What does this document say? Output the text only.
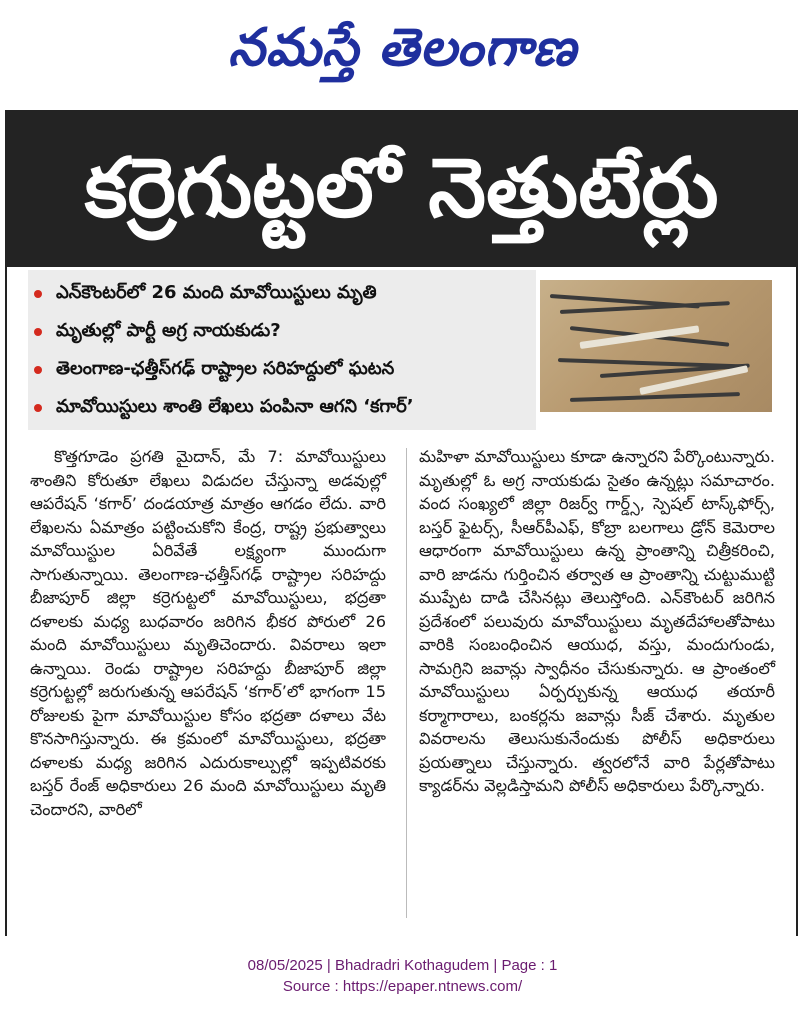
నమస్తే తెలంగాణ
కర్రెగుట్టలో నెత్తుటేర్లు
ఎన్‌కౌంటర్‌లో 26 మంది మావోయిస్టులు మృతి
మృతుల్లో పార్టీ అగ్ర నాయకుడు?
తెలంగాణ-ఛత్తీస్‌గఢ్ రాష్ట్రాల సరిహద్దులో ఘటన
మావోయిస్టులు శాంతి లేఖలు పంపినా ఆగని ‘కగార్’

కొత్తగూడెం ప్రగతి మైదాన్, మే 7: మావోయిస్టులు శాంతిని కోరుతూ లేఖలు విడుదల చేస్తున్నా అడవుల్లో ఆపరేషన్ ‘కగార్’ దండయాత్ర మాత్రం ఆగడం లేదు. వారి లేఖలను ఏమాత్రం పట్టించుకోని కేంద్ర, రాష్ట్ర ప్రభుత్వాలు మావోయిస్టుల ఏరివేతే లక్ష్యంగా ముందుగా సాగుతున్నాయి. తెలంగాణ-ఛత్తీస్‌గఢ్ రాష్ట్రాల సరిహద్దు బీజాపూర్ జిల్లా కర్రెగుట్టలో మావోయిస్టులు, భద్రతా దళాలకు మధ్య బుధవారం జరిగిన భీకర పోరులో 26 మంది మావోయిస్టులు మృతిచెందారు. వివరాలు ఇలా ఉన్నాయి. రెండు రాష్ట్రాల సరిహద్దు బీజాపూర్ జిల్లా కర్రెగుట్టల్లో జరుగుతున్న ఆపరేషన్ ‘కగార్’లో భాగంగా 15 రోజులకు పైగా మావోయిస్టుల కోసం భద్రతా దళాలు వేట కొనసాగిస్తున్నారు. ఈ క్రమంలో మావోయిస్టులు, భద్రతా దళాలకు మధ్య జరిగిన ఎదురుకాల్పుల్లో ఇప్పటివరకు బస్తర్ రేంజ్ అధికారులు 26 మంది మావోయిస్టులు మృతి చెందారని, వారిలో

మహిళా మావోయిస్టులు కూడా ఉన్నారని పేర్కొంటున్నారు. మృతుల్లో ఓ అగ్ర నాయకుడు సైతం ఉన్నట్లు సమాచారం. వంద సంఖ్యలో జిల్లా రిజర్వ్ గార్డ్స్, స్పెషల్ టాస్క్‌ఫోర్స్, బస్తర్ ఫైటర్స్, సీఆర్‌పీఎఫ్, కోబ్రా బలగాలు డ్రోన్ కెమెరాల ఆధారంగా మావోయిస్టులు ఉన్న ప్రాంతాన్ని చిత్రీకరించి, వారి జాడను గుర్తించిన తర్వాత ఆ ప్రాంతాన్ని చుట్టుముట్టి ముప్పేట దాడి చేసినట్లు తెలుస్తోంది. ఎన్‌కౌంటర్ జరిగిన ప్రదేశంలో పలువురు మావోయిస్టులు మృతదేహాలతోపాటు వారికి సంబంధించిన ఆయుధ, వస్తు, మందుగుండు, సామగ్రిని జవాన్లు స్వాధీనం చేసుకున్నారు. ఆ ప్రాంతంలో మావోయిస్టులు ఏర్పర్చుకున్న ఆయుధ తయారీ కర్మాగారాలు, బంకర్లను జవాన్లు సీజ్ చేశారు. మృతుల వివరాలను తెలుసుకునేందుకు పోలీస్ అధికారులు ప్రయత్నాలు చేస్తున్నారు. త్వరలోనే వారి పేర్లతోపాటు క్యాడర్‌ను వెల్లడిస్తామని పోలీస్ అధికారులు పేర్కొన్నారు.

08/05/2025 | Bhadradri Kothagudem | Page : 1
Source : https://epaper.ntnews.com/
